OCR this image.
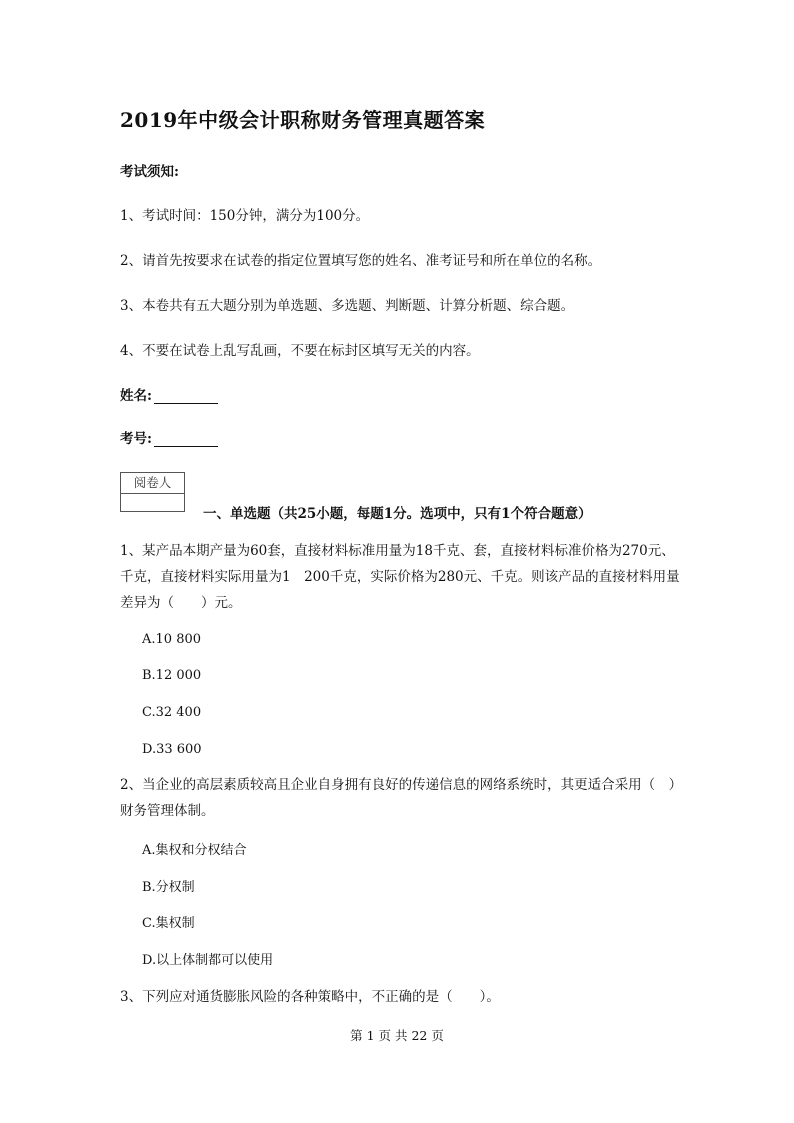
2019年中级会计职称财务管理真题答案
考试须知:
1、考试时间：150分钟，满分为100分。
2、请首先按要求在试卷的指定位置填写您的姓名、准考证号和所在单位的名称。
3、本卷共有五大题分别为单选题、多选题、判断题、计算分析题、综合题。
4、不要在试卷上乱写乱画，不要在标封区填写无关的内容。
姓名:
考号:
阅卷人
一、单选题（共25小题，每题1分。选项中，只有1个符合题意）
1、某产品本期产量为60套，直接材料标准用量为18千克、套，直接材料标准价格为270元、千克，直接材料实际用量为1　200千克，实际价格为280元、千克。则该产品的直接材料用量差异为（　　）元。
A.10 800
B.12 000
C.32 400
D.33 600
2、当企业的高层素质较高且企业自身拥有良好的传递信息的网络系统时，其更适合采用（　）财务管理体制。
A.集权和分权结合
B.分权制
C.集权制
D.以上体制都可以使用
3、下列应对通货膨胀风险的各种策略中，不正确的是（　　）。
第 1 页 共 22 页
